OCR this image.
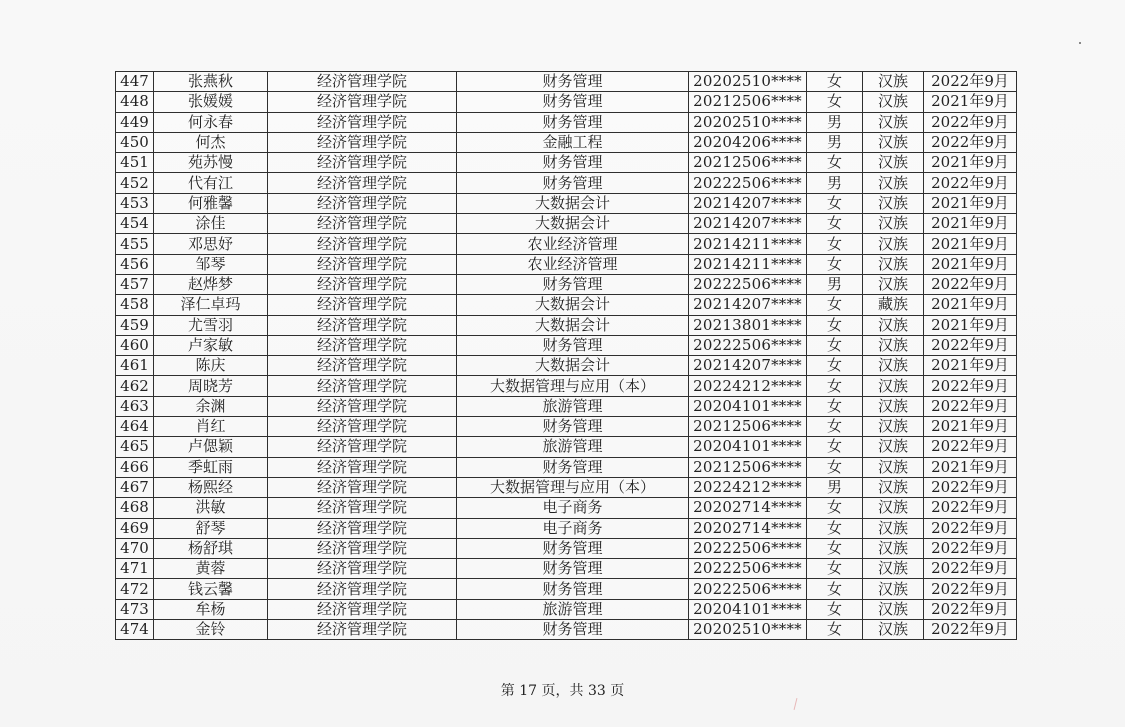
447	张燕秋	经济管理学院	财务管理	20202510****	女	汉族	2022年9月
448	张媛媛	经济管理学院	财务管理	20212506****	女	汉族	2021年9月
449	何永春	经济管理学院	财务管理	20202510****	男	汉族	2022年9月
450	何杰	经济管理学院	金融工程	20204206****	男	汉族	2022年9月
451	苑苏慢	经济管理学院	财务管理	20212506****	女	汉族	2021年9月
452	代有江	经济管理学院	财务管理	20222506****	男	汉族	2022年9月
453	何雅馨	经济管理学院	大数据会计	20214207****	女	汉族	2021年9月
454	涂佳	经济管理学院	大数据会计	20214207****	女	汉族	2021年9月
455	邓思妤	经济管理学院	农业经济管理	20214211****	女	汉族	2021年9月
456	邹琴	经济管理学院	农业经济管理	20214211****	女	汉族	2021年9月
457	赵烨梦	经济管理学院	财务管理	20222506****	男	汉族	2022年9月
458	泽仁卓玛	经济管理学院	大数据会计	20214207****	女	藏族	2021年9月
459	尤雪羽	经济管理学院	大数据会计	20213801****	女	汉族	2021年9月
460	卢家敏	经济管理学院	财务管理	20222506****	女	汉族	2022年9月
461	陈庆	经济管理学院	大数据会计	20214207****	女	汉族	2021年9月
462	周晓芳	经济管理学院	大数据管理与应用（本）	20224212****	女	汉族	2022年9月
463	余渊	经济管理学院	旅游管理	20204101****	女	汉族	2022年9月
464	肖红	经济管理学院	财务管理	20212506****	女	汉族	2021年9月
465	卢偲颖	经济管理学院	旅游管理	20204101****	女	汉族	2022年9月
466	季虹雨	经济管理学院	财务管理	20212506****	女	汉族	2021年9月
467	杨熙经	经济管理学院	大数据管理与应用（本）	20224212****	男	汉族	2022年9月
468	洪敏	经济管理学院	电子商务	20202714****	女	汉族	2022年9月
469	舒琴	经济管理学院	电子商务	20202714****	女	汉族	2022年9月
470	杨舒琪	经济管理学院	财务管理	20222506****	女	汉族	2022年9月
471	黄蓉	经济管理学院	财务管理	20222506****	女	汉族	2022年9月
472	钱云馨	经济管理学院	财务管理	20222506****	女	汉族	2022年9月
473	牟杨	经济管理学院	旅游管理	20204101****	女	汉族	2022年9月
474	金铃	经济管理学院	财务管理	20202510****	女	汉族	2022年9月
第 17 页，共 33 页
